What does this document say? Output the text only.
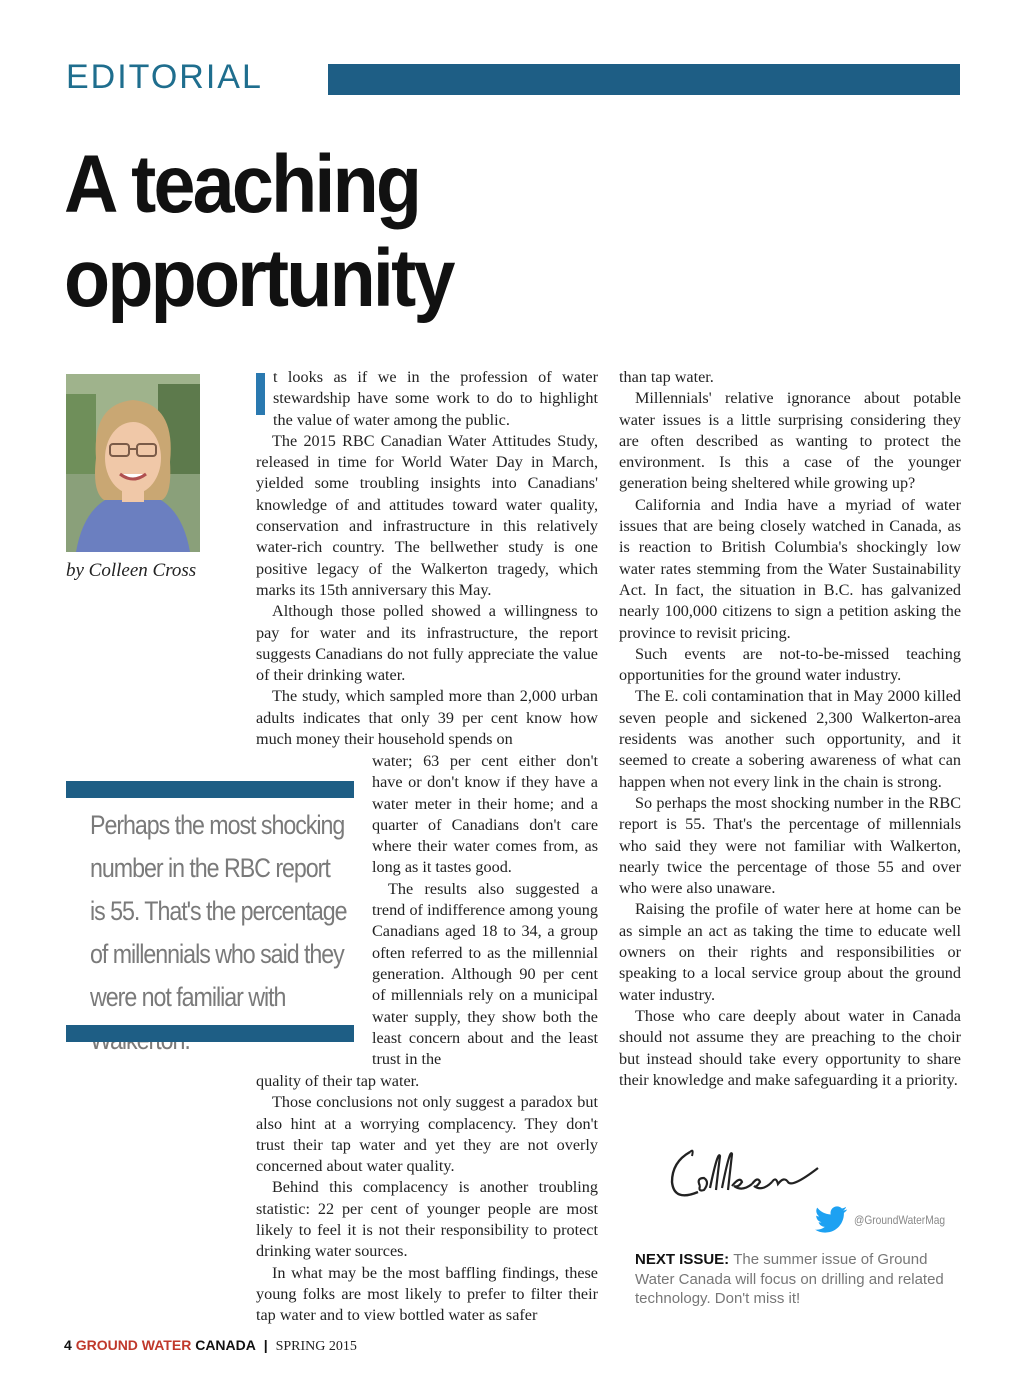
EDITORIAL
A teaching
opportunity
by Colleen Cross

t looks as if we in the profession of water stewardship have some work to do to highlight the value of water among the public.

The 2015 RBC Canadian Water Attitudes Study, released in time for World Water Day in March, yielded some troubling insights into Canadians' knowledge of and attitudes toward water quality, conservation and infrastructure in this relatively water-rich country. The bellwether study is one positive legacy of the Walkerton tragedy, which marks its 15th anniversary this May.

Although those polled showed a willingness to pay for water and its infrastructure, the report suggests Canadians do not fully appreciate the value of their drinking water.

The study, which sampled more than 2,000 urban adults indicates that only 39 per cent know how much money their household spends on

Perhaps the most shocking number in the RBC report is 55. That's the percentage of millennials who said they were not familiar with

water; 63 per cent either don't have or don't know if they have a water meter in their home; and a quarter of Canadians don't care where their water comes from, as long as it tastes good.

The results also suggested a trend of indifference among young Canadians aged 18 to 34, a group often referred to as the millennial generation. Although 90 per cent of millennials rely on a municipal water supply, they show both the least concern about and the least trust in the

quality of their tap water.

Those conclusions not only suggest a paradox but also hint at a worrying complacency. They don't trust their tap water and yet they are not overly concerned about water quality.

Behind this complacency is another troubling statistic: 22 per cent of younger people are most likely to feel it is not their responsibility to protect drinking water sources.

In what may be the most baffling findings, these young folks are most likely to prefer to filter their tap water and to view bottled water as safer

than tap water.

Millennials' relative ignorance about potable water issues is a little surprising considering they are often described as wanting to protect the environment. Is this a case of the younger generation being sheltered while growing up?

California and India have a myriad of water issues that are being closely watched in Canada, as is reaction to British Columbia's shockingly low water rates stemming from the Water Sustainability Act. In fact, the situation in B.C. has galvanized nearly 100,000 citizens to sign a petition asking the province to revisit pricing.

Such events are not-to-be-missed teaching opportunities for the ground water industry.

The E. coli contamination that in May 2000 killed seven people and sickened 2,300 Walkerton-area residents was another such opportunity, and it seemed to create a sobering awareness of what can happen when not every link in the chain is strong.

So perhaps the most shocking number in the RBC report is 55. That's the percentage of millennials who said they were not familiar with Walkerton, nearly twice the percentage of those 55 and over who were also unaware.

Raising the profile of water here at home can be as simple an act as taking the time to educate well owners on their rights and responsibilities or speaking to a local service group about the ground water industry.

Those who care deeply about water in Canada should not assume they are preaching to the choir but instead should take every opportunity to share their knowledge and make safeguarding it a priority.

@GroundWaterMag
NEXT ISSUE: The summer issue of Ground Water Canada will focus on drilling and related technology. Don't miss it!
4 GROUND WATER CANADA | SPRING 2015
